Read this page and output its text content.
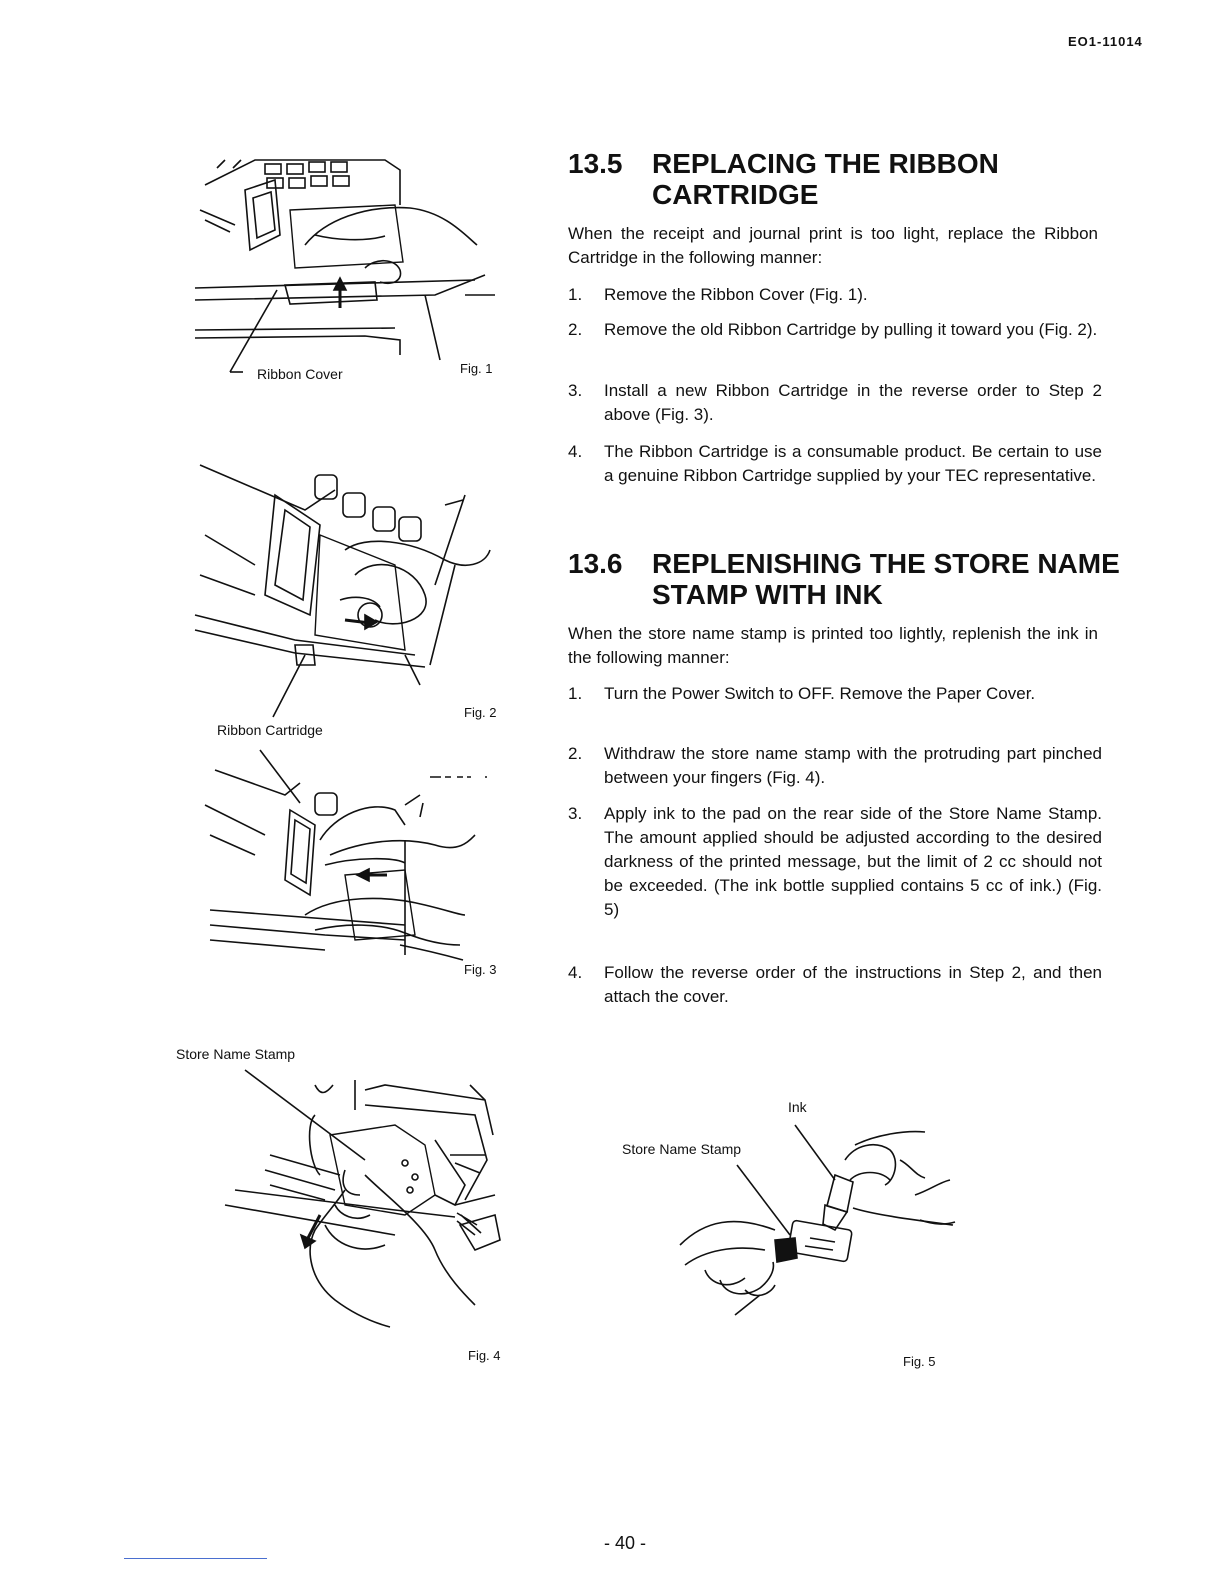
EO1-11014
Ribbon Cover	Fig. 1
Ribbon Cartridge
Fig. 2
Fig. 3
Store Name Stamp
Fig. 4
13.5 REPLACING THE RIBBON CARTRIDGE
When the receipt and journal print is too light, replace the Ribbon Cartridge in the following manner:
1. Remove the Ribbon Cover (Fig. 1).
2. Remove the old Ribbon Cartridge by pulling it toward you (Fig. 2).
3. Install a new Ribbon Cartridge in the reverse order to Step 2 above (Fig. 3).
4. The Ribbon Cartridge is a consumable product. Be certain to use a genuine Ribbon Cartridge supplied by your TEC representative.
13.6 REPLENISHING THE STORE NAME STAMP WITH INK
When the store name stamp is printed too lightly, replenish the ink in the following manner:
1. Turn the Power Switch to OFF. Remove the Paper Cover.
2. Withdraw the store name stamp with the protruding part pinched between your fingers (Fig. 4).
3. Apply ink to the pad on the rear side of the Store Name Stamp. The amount applied should be adjusted according to the desired darkness of the printed message, but the limit of 2 cc should not be exceeded. (The ink bottle supplied contains 5 cc of ink.) (Fig. 5)
4. Follow the reverse order of the instructions in Step 2, and then attach the cover.
Ink
Store Name Stamp
Fig. 5
- 40 -
